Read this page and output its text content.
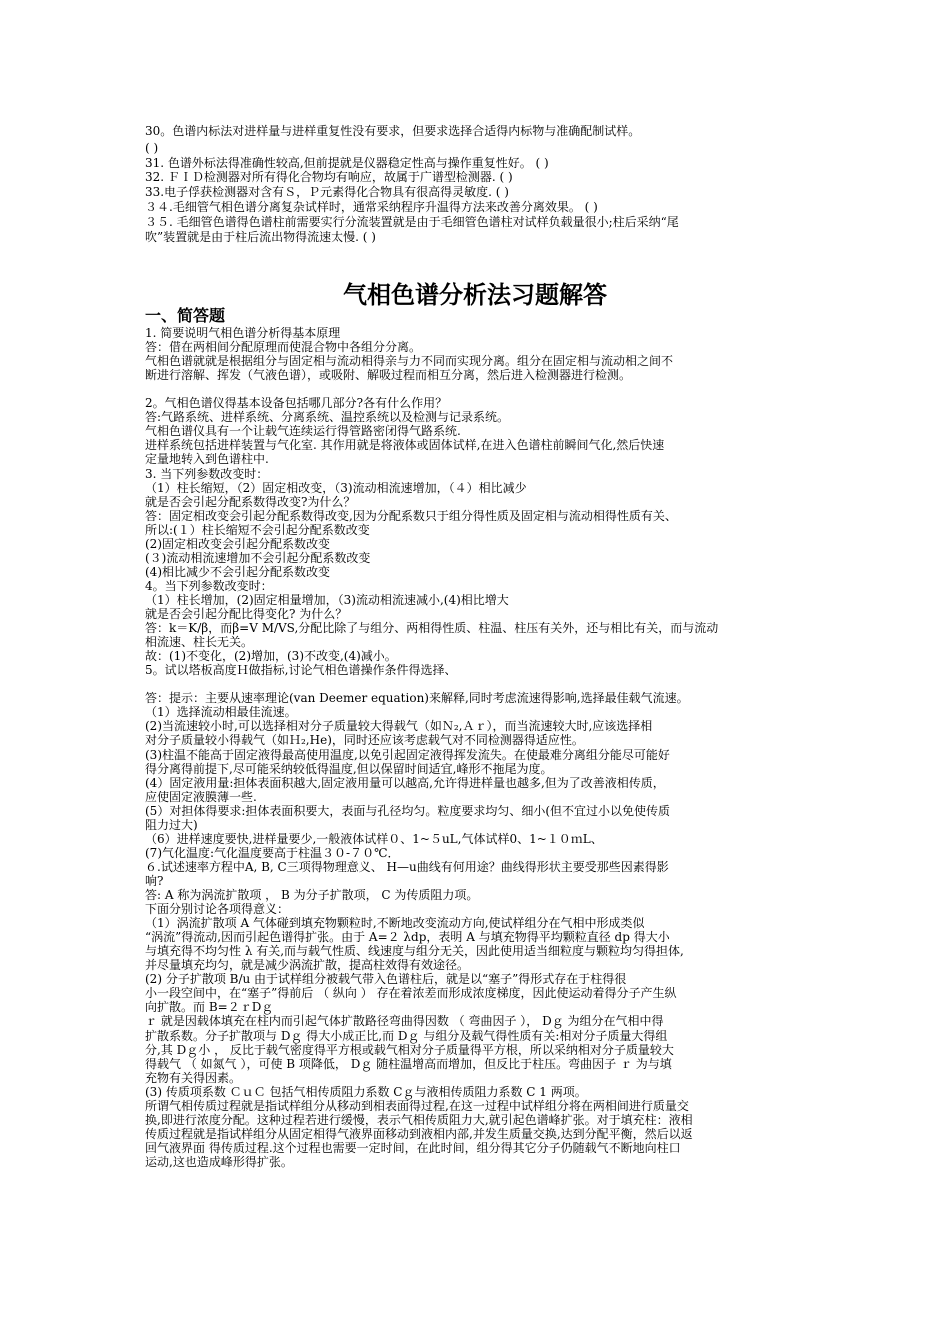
30。色谱内标法对进样量与进样重复性没有要求，但要求选择合适得内标物与准确配制试样。
( )
31. 色谱外标法得准确性较高,但前提就是仪器稳定性高与操作重复性好。 ( )
32. ＦＩＤ检测器对所有得化合物均有响应，故属于广谱型检测器. ( )
33.电子俘获检测器对含有Ｓ，Ｐ元素得化合物具有很高得灵敏度. ( )
３４.毛细管气相色谱分离复杂试样时，通常采纳程序升温得方法来改善分离效果。 ( )
３５. 毛细管色谱得色谱柱前需要实行分流装置就是由于毛细管色谱柱对试样负载量很小;柱后采纳“尾
吹”装置就是由于柱后流出物得流速太慢. ( )
气相色谱分析法习题解答
一、简答题
1. 简要说明气相色谱分析得基本原理
答：借在两相间分配原理而使混合物中各组分分离。
气相色谱就就是根据组分与固定相与流动相得亲与力不同而实现分离。组分在固定相与流动相之间不
断进行溶解、挥发（气液色谱），或吸附、解吸过程而相互分离，然后进入检测器进行检测。
2。气相色谱仪得基本设备包括哪几部分?各有什么作用？
答:气路系统、进样系统、分离系统、温控系统以及检测与记录系统。
气相色谱仪具有一个让载气连续运行得管路密闭得气路系统.
进样系统包括进样装置与气化室. 其作用就是将液体或固体试样,在进入色谱柱前瞬间气化,然后快速
定量地转入到色谱柱中.
3. 当下列参数改变时：
（1）柱长缩短，（2）固定相改变，（3)流动相流速增加，（４）相比减少
就是否会引起分配系数得改变?为什么？
答：固定相改变会引起分配系数得改变,因为分配系数只于组分得性质及固定相与流动相得性质有关、
所以:(１）柱长缩短不会引起分配系数改变
(2)固定相改变会引起分配系数改变
(３)流动相流速增加不会引起分配系数改变
(4)相比减少不会引起分配系数改变
4。当下列参数改变时：
（1）柱长增加，(2)固定相量增加，（3)流动相流速减小,(4)相比增大
就是否会引起分配比得变化? 为什么？
答：k＝K/β，而β=V M/VS,分配比除了与组分、两相得性质、柱温、柱压有关外，还与相比有关，而与流动
相流速、柱长无关。
故：(1)不变化，(2)增加，(3)不改变,(4)减小。
5。试以塔板高度Ｈ做指标,讨论气相色谱操作条件得选择、
答：提示：主要从速率理论(van Deemer equation)来解释,同时考虑流速得影响,选择最佳载气流速。
（1）选择流动相最佳流速。
(2)当流速较小时,可以选择相对分子质量较大得载气（如Ｎ₂,Ａｒ），而当流速较大时,应该选择相
对分子质量较小得载气（如Ｈ₂,He)，同时还应该考虑载气对不同检测器得适应性。
(3)柱温不能高于固定液得最高使用温度,以免引起固定液得挥发流失。在使最难分离组分能尽可能好
得分离得前提下,尽可能采纳较低得温度,但以保留时间适宜,峰形不拖尾为度。
(4）固定液用量:担体表面积越大,固定液用量可以越高,允许得进样量也越多,但为了改善液相传质，
应使固定液膜薄一些.
(5）对担体得要求:担体表面积要大，表面与孔径均匀。粒度要求均匀、细小(但不宜过小以免使传质
阻力过大)
（6）进样速度要快,进样量要少,一般液体试样０、1~５uL,气体试样0、1~１０ｍL、
(7)气化温度:气化温度要高于柱温３０-７０℃．
６.试述速率方程中A, B, C三项得物理意义、 H—u曲线有何用途？曲线得形状主要受那些因素得影
响?
答: A 称为涡流扩散项 ， B 为分子扩散项， C 为传质阻力项。
下面分别讨论各项得意义：
（1）涡流扩散项 A 气体碰到填充物颗粒时,不断地改变流动方向,使试样组分在气相中形成类似
“涡流”得流动,因而引起色谱得扩张。由于 A=２ λdp，表明 A 与填充物得平均颗粒直径 dp 得大小
与填充得不均匀性 λ 有关,而与载气性质、线速度与组分无关，因此使用适当细粒度与颗粒均匀得担体,
并尽量填充均匀，就是减少涡流扩散，提高柱效得有效途径。
(2) 分子扩散项 B/u 由于试样组分被载气带入色谱柱后，就是以“塞子”得形式存在于柱得很
小一段空间中，在“塞子”得前后 （ 纵向 ） 存在着浓差而形成浓度梯度，因此使运动着得分子产生纵
向扩散。而 B=２ｒDｇ
ｒ 就是因载体填充在柱内而引起气体扩散路径弯曲得因数 （ 弯曲因子 ）， Dｇ 为组分在气相中得
扩散系数。分子扩散项与 Dｇ 得大小成正比,而 Dｇ 与组分及载气得性质有关:相对分子质量大得组
分,其 Dｇ小 ， 反比于载气密度得平方根或载气相对分子质量得平方根，所以采纳相对分子质量较大
得载气 （ 如氮气 ），可使 B 项降低， Dｇ 随柱温增高而增加，但反比于柱压。弯曲因子 ｒ 为与填
充物有关得因素。
(3) 传质项系数 ＣｕＣ 包括气相传质阻力系数 Cｇ与液相传质阻力系数 C 1 两项。
所谓气相传质过程就是指试样组分从移动到相表面得过程,在这一过程中试样组分将在两相间进行质量交
换,即进行浓度分配。这种过程若进行缓慢，表示气相传质阻力大,就引起色谱峰扩张。对于填充柱：液相
传质过程就是指试样组分从固定相得气液界面移动到液相内部,并发生质量交换,达到分配平衡，然后以返
回气液界面 得传质过程.这个过程也需要一定时间，在此时间，组分得其它分子仍随载气不断地向柱口
运动,这也造成峰形得扩张。
